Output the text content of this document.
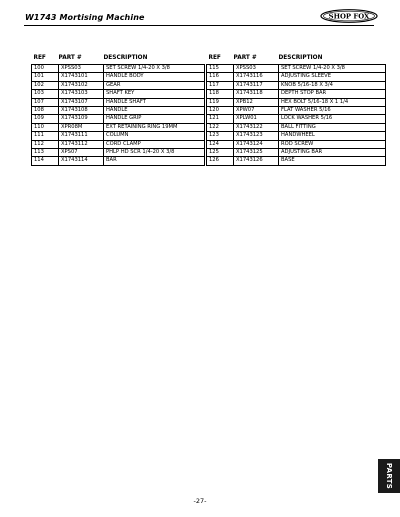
W1743 Mortising Machine	SHOP FOX
REF	PART #	DESCRIPTION
100	XPSS03	SET SCREW 1/4-20 X 3/8
101	X1743101	HANDLE BODY
102	X1743102	GEAR
103	X1743103	SHAFT KEY
107	X1743107	HANDLE SHAFT
108	X1743108	HANDLE
109	X1743109	HANDLE GRIP
110	XPR08M	EXT RETAINING RING 19MM
111	X1743111	COLUMN
112	X1743112	CORD CLAMP
113	XPS07	PHLP HD SCR 1/4-20 X 3/8
114	X1743114	BAR
REF	PART #	DESCRIPTION
115	XPSS03	SET SCREW 1/4-20 X 3/8
116	X1743116	ADJUSTING SLEEVE
117	X1743117	KNOB 5/16-18 X 3/4
118	X1743118	DEPTH STOP BAR
119	XPB12	HEX BOLT 5/16-18 X 1 1/4
120	XPW07	FLAT WASHER 5/16
121	XPLW01	LOCK WASHER 5/16
122	X1743122	BALL FITTING
123	X1743123	HANDWHEEL
124	X1743124	ROD SCREW
125	X1743125	ADJUSTING BAR
126	X1743126	BASE
PARTS
-27-
